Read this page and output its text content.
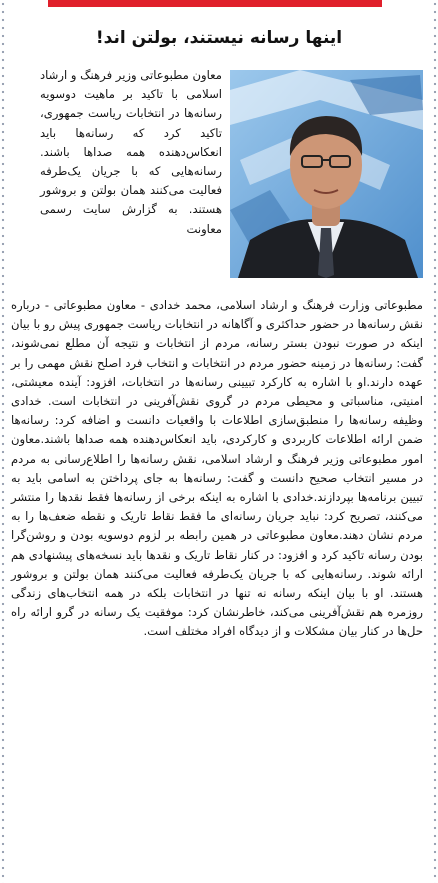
اینها رسانه نیستند، بولتن اند!
معاون مطبوعاتی وزیر فرهنگ و ارشاد اسلامی با تاکید بر ماهیت دوسویه رسانه‌ها در انتخابات ریاست جمهوری، تاکید کرد که رسانه‌ها باید انعکاس‌دهنده همه صداها باشند. رسانه‌هایی که با جریان یک‌طرفه فعالیت می‌کنند همان بولتن و بروشور هستند. به گزارش سایت رسمی معاونت
مطبوعاتی وزارت فرهنگ و ارشاد اسلامی، محمد خدادی - معاون مطبوعاتی - درباره نقش رسانه‌ها در حضور حداکثری و آگاهانه در انتخابات ریاست جمهوری پیش رو با بیان اینکه در صورت نبودن بستر رسانه، مردم از انتخابات و نتیجه آن مطلع نمی‌شوند، گفت: رسانه‌ها در زمینه حضور مردم در انتخابات و انتخاب فرد اصلح نقش مهمی را بر عهده دارند.او با اشاره به کارکرد تبیینی رسانه‌ها در انتخابات، افزود: آینده معیشتی، امنیتی، مناسباتی و محیطی مردم در گروی نقش‌آفرینی در انتخابات است. خدادی وظیفه رسانه‌ها را منطبق‌سازی اطلاعات با واقعیات دانست و اضافه کرد: رسانه‌ها ضمن ارائه اطلاعات کاربردی و کارکردی، باید انعکاس‌دهنده همه صداها باشند.معاون امور مطبوعاتی وزیر فرهنگ و ارشاد اسلامی، نقش رسانه‌ها را اطلاع‌رسانی به مردم در مسیر انتخاب صحیح دانست و گفت: رسانه‌ها به جای پرداختن به اسامی باید به تبیین برنامه‌ها بپردازند.خدادی با اشاره به اینکه برخی از رسانه‌ها فقط نقدها را منتشر می‌کنند، تصریح کرد: نباید جریان رسانه‌ای ما فقط نقاط تاریک و نقطه ضعف‌ها را به مردم نشان دهند.معاون مطبوعاتی در همین رابطه بر لزوم دوسویه بودن و روشن‌گرا بودن رسانه تاکید کرد و افزود: در کنار نقاط تاریک و نقدها باید نسخه‌های پیشنهادی هم ارائه شوند. رسانه‌هایی که با جریان یک‌طرفه فعالیت می‌کنند همان بولتن و بروشور هستند. او با بیان اینکه رسانه نه تنها در انتخابات بلکه در همه انتخاب‌های زندگی روزمره هم نقش‌آفرینی می‌کند، خاطرنشان کرد: موفقیت یک رسانه در گرو ارائه راه حل‌ها در کنار بیان مشکلات و از دیدگاه افراد مختلف است.
